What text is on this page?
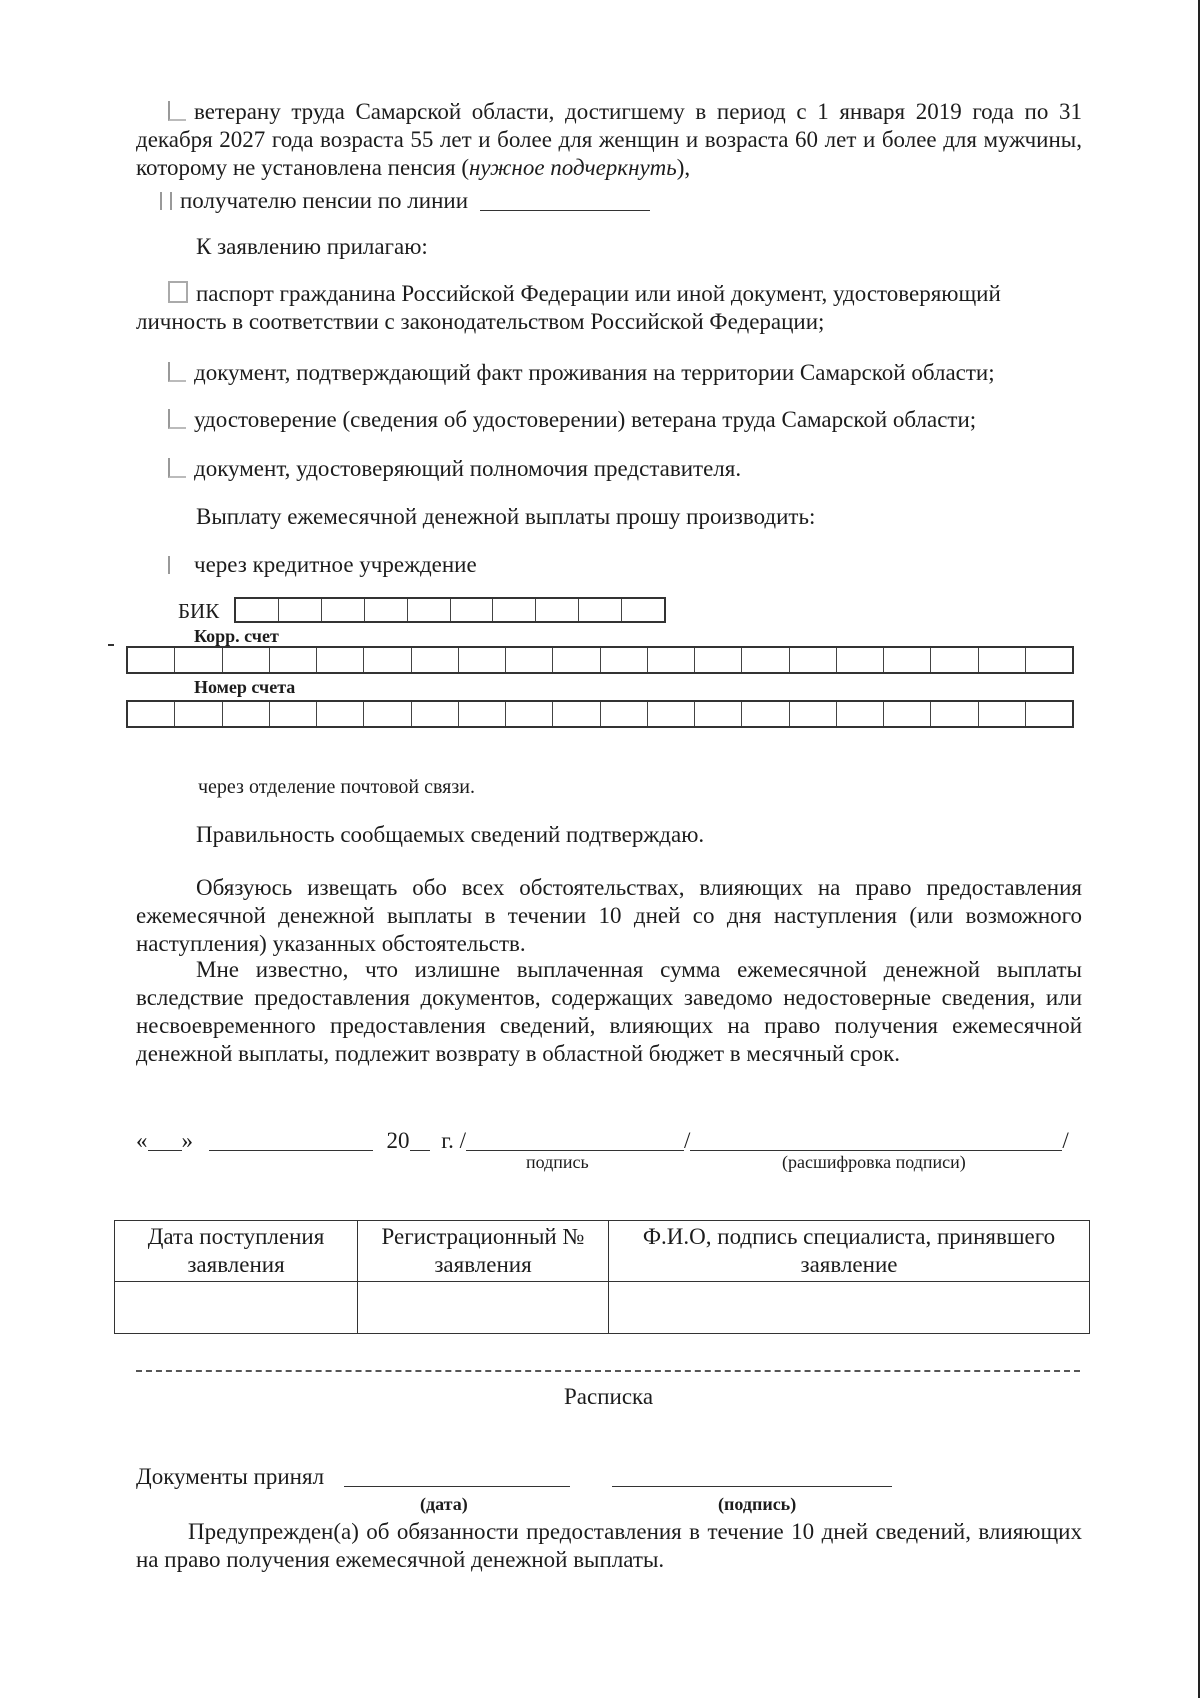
ветерану труда Самарской области, достигшему в период с 1 января 2019 года по 31 декабря 2027 года возраста 55 лет и более для женщин и возраста 60 лет и более для мужчины, которому не установлена пенсия (нужное подчеркнуть),
получателю пенсии по линии
К заявлению прилагаю:
паспорт гражданина Российской Федерации или иной документ, удостоверяющий личность в соответствии с законодательством Российской Федерации;
документ, подтверждающий факт проживания на территории Самарской области;
удостоверение (сведения об удостоверении) ветерана труда Самарской области;
документ, удостоверяющий полномочия представителя.
Выплату ежемесячной денежной выплаты прошу производить:
через кредитное учреждение
БИК
Корр. счет
Номер счета
через отделение почтовой связи.
Правильность сообщаемых сведений подтверждаю.
Обязуюсь извещать обо всех обстоятельствах, влияющих на право предоставления ежемесячной денежной выплаты в течении 10 дней со дня наступления (или возможного наступления) указанных обстоятельств.
Мне известно, что излишне выплаченная сумма ежемесячной денежной выплаты вследствие предоставления документов, содержащих заведомо недостоверные сведения, или несвоевременного предоставления сведений, влияющих на право получения ежемесячной денежной выплаты, подлежит возврату в областной бюджет в месячный срок.
« »	20 г. /	/	/
подпись	(расшифровка подписи)
Дата поступления заявления	Регистрационный № заявления	Ф.И.О, подпись специалиста, принявшего заявление

Расписка
Документы принял
(дата)	(подпись)
Предупрежден(а) об обязанности предоставления в течение 10 дней сведений, влияющих на право получения ежемесячной денежной выплаты.
